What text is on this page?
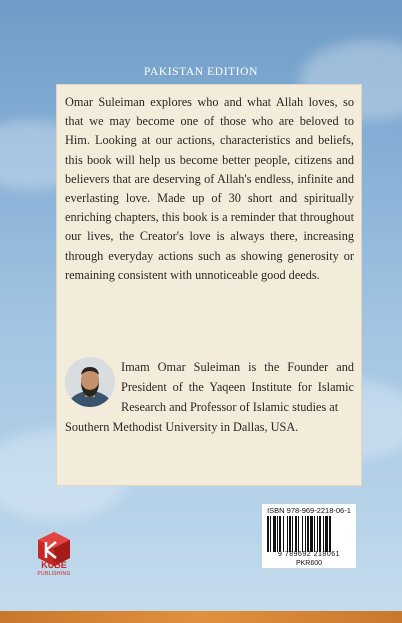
PAKISTAN EDITION

Omar Suleiman explores who and what Allah loves, so that we may become one of those who are beloved to Him. Looking at our actions, characteristics and beliefs, this book will help us become better people, citizens and believers that are deserving of Allah's endless, infinite and everlasting love. Made up of 30 short and spiritually enriching chapters, this book is a reminder that throughout our lives, the Creator's love is always there, increasing through everyday actions such as showing generosity or remaining consistent with unnoticeable good deeds.

Imam Omar Suleiman is the Founder and President of the Yaqeen Institute for Islamic Research and Professor of Islamic studies at

Southern Methodist University in Dallas, USA.

ISBN 978-969-2218-06-1
9 789692 218061
PKR600
KUBE
PUBLISHING
